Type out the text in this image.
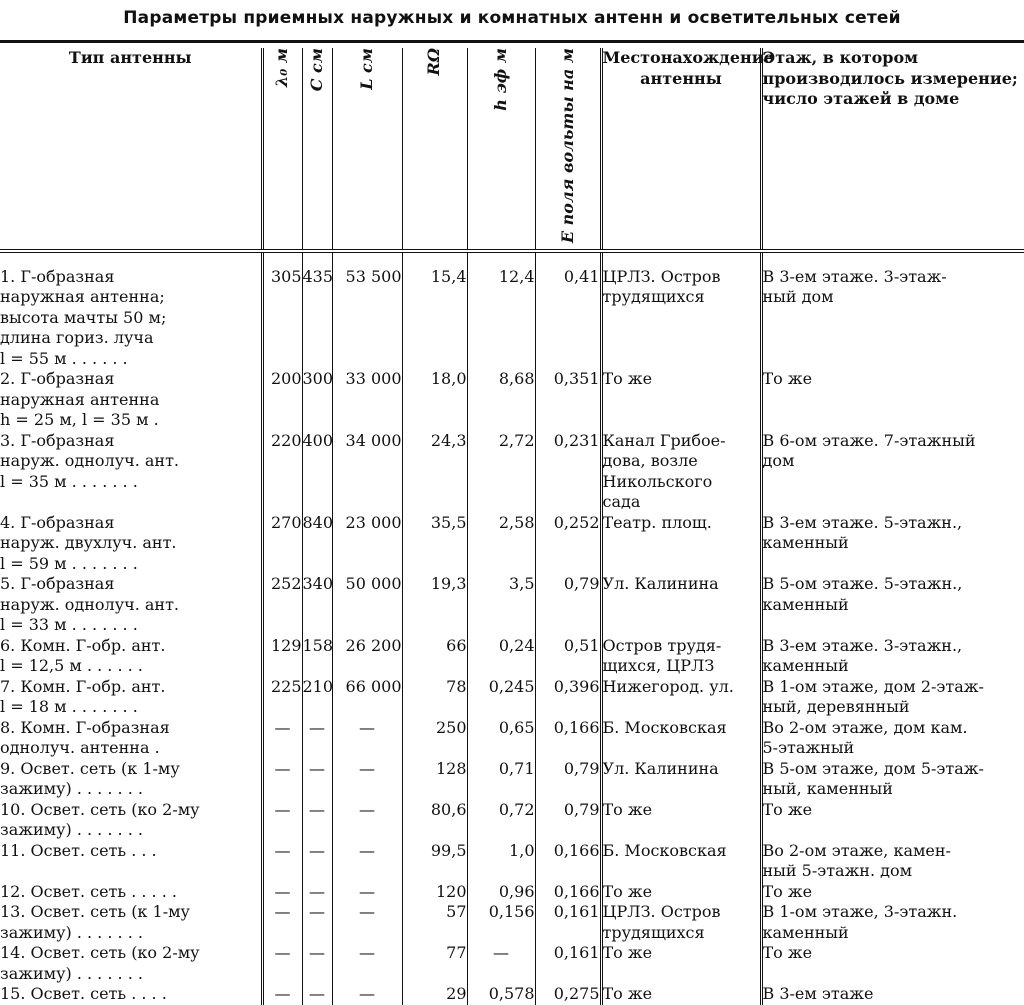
Параметры приемных наружных и комнатных антенн и осветительных сетей
Тип антенны	λ₀ м	C см	L см	RΩ	h эф м	E поля вольты на м	Местонахождение антенны	Этаж, в котором производилось измерение; число этажей в доме

1. Г-образная
наружная антенна;
высота мачты 50 м;
длина гориз. луча
l = 55 м . . . . . .	305	435	53 500	15,4	12,4	0,41	ЦРЛЗ. Остров
трудящихся	В 3-ем этаже. 3-этаж-
ный дом

2. Г-образная
наружная антенна
h = 25 м, l = 35 м .	200	300	33 000	18,0	8,68	0,351	То же	То же

3. Г-образная
наруж. однолуч. ант.
l = 35 м . . . . . . .	220	400	34 000	24,3	2,72	0,231	Канал Грибое-
дова, возле
Никольского
сада	В 6-ом этаже. 7-этажный
дом

4. Г-образная
наруж. двухлуч. ант.
l = 59 м . . . . . . .	270	840	23 000	35,5	2,58	0,252	Театр. площ.	В 3-ем этаже. 5-этажн.,
каменный

5. Г-образная
наруж. однолуч. ант.
l = 33 м . . . . . . .	252	340	50 000	19,3	3,5	0,79	Ул. Калинина	В 5-ом этаже. 5-этажн.,
каменный

6. Комн. Г-обр. ант.
l = 12,5 м . . . . . .	129	158	26 200	66	0,24	0,51	Остров трудя-
щихся, ЦРЛЗ	В 3-ем этаже. 3-этажн.,
каменный

7. Комн. Г-обр. ант.
l = 18 м . . . . . . .	225	210	66 000	78	0,245	0,396	Нижегород. ул.	В 1-ом этаже, дом 2-этаж-
ный, деревянный

8. Комн. Г-образная
однолуч. антенна .	—	—	—	250	0,65	0,166	Б. Московская	Во 2-ом этаже, дом кам.
5-этажный

9. Освет. сеть (к 1-му
зажиму) . . . . . . .	—	—	—	128	0,71	0,79	Ул. Калинина	В 5-ом этаже, дом 5-этаж-
ный, каменный

10. Освет. сеть (ко 2-му
зажиму) . . . . . . .	—	—	—	80,6	0,72	0,79	То же	То же

11. Освет. сеть . . .	—	—	—	99,5	1,0	0,166	Б. Московская	Во 2-ом этаже, камен-
ный 5-этажн. дом

12. Освет. сеть . . . . .	—	—	—	120	0,96	0,166	То же	То же

13. Освет. сеть (к 1-му
зажиму) . . . . . . .	—	—	—	57	0,156	0,161	ЦРЛЗ. Остров
трудящихся	В 1-ом этаже, 3-этажн.
каменный

14. Освет. сеть (ко 2-му
зажиму) . . . . . . .	—	—	—	77	—	0,161	То же	То же

15. Освет. сеть . . . .	—	—	—	29	0,578	0,275	То же	В 3-ем этаже
